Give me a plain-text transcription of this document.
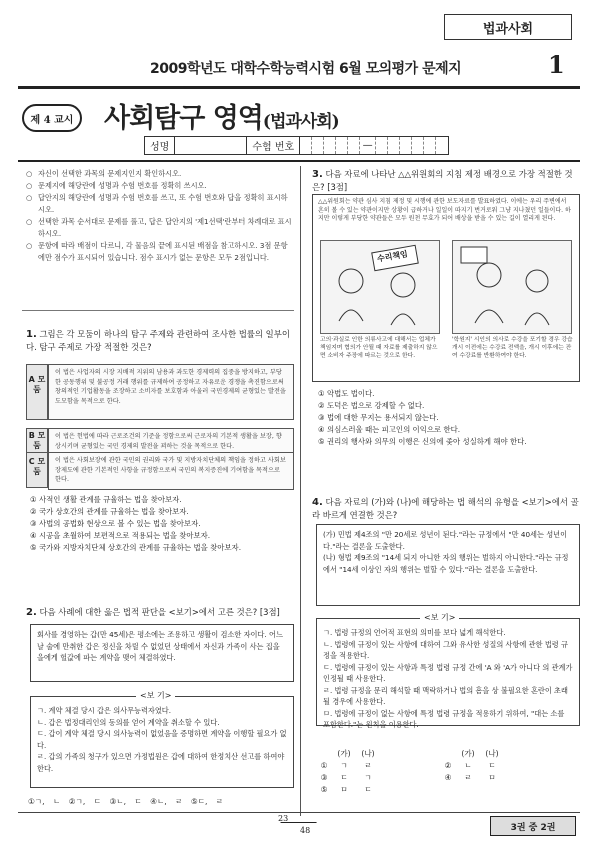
법과사회
2009학년도 대학수학능력시험 6월 모의평가 문제지	1
제 4 교시	사회탐구 영역(법과사회)
성명	수험 번호	—
○ 자신이 선택한 과목의 문제지인지 확인하시오.
○ 문제지에 해당란에 성명과 수험 번호를 정확히 쓰시오.
○ 답안지의 해당란에 성명과 수험 번호를 쓰고, 또 수험 번호와 답을 정확히 표시하시오.
○ 선택한 과목 순서대로 문제를 풀고, 답은 답안지의 '제1선택'란부터 차례대로 표시하시오.
○ 문항에 따라 배점이 다르니, 각 물음의 끝에 표시된 배점을 참고하시오. 3점 문항에만 점수가 표시되어 있습니다. 점수 표시가 없는 문항은 모두 2점입니다.
1. 그림은 각 모둠이 하나의 탐구 주제와 관련하여 조사한 법률의 일부이다. 탐구 주제로 가장 적절한 것은?
A 모둠
이 법은 사업자의 시장 지배적 지위의 남용과 과도한 경제력의 집중을 방지하고, 부당한 공동행위 및 불공정 거래 행위를 규제하여 공정하고 자유로운 경쟁을 촉진함으로써 창의적인 기업활동을 조장하고 소비자를 보호함과 아울러 국민경제의 균형있는 발전을 도모함을 목적으로 한다.
B 모둠
이 법은 헌법에 따라 근로조건의 기준을 정함으로써 근로자의 기본적 생활을 보장, 향상시키며 균형있는 국민 경제의 발전을 꾀하는 것을 목적으로 한다.
C 모둠
이 법은 사회보장에 관한 국민의 권리와 국가 및 지방자치단체의 책임을 정하고 사회보장제도에 관한 기본적인 사항을 규정함으로써 국민의 복지증진에 기여함을 목적으로 한다.
① 사적인 생활 관계를 규율하는 법을 찾아보자.
② 국가 상호간의 관계를 규율하는 법을 찾아보자.
③ 사법의 공법화 현상으로 볼 수 있는 법을 찾아보자.
④ 시공을 초월하여 보편적으로 적용되는 법을 찾아보자.
⑤ 국가와 지방자치단체 상호간의 관계를 규율하는 법을 찾아보자.
2. 다음 사례에 대한 옳은 법적 판단을 <보기>에서 고른 것은? [3점]
회사를 경영하는 갑(만 45세)은 평소에는 조용하고 생활이 검소한 자이다. 어느 날 술에 만취한 갑은 정신을 차릴 수 없었던 상태에서 자신과 가족이 사는 집을 을에게 헐값에 파는 계약을 맺어 체결하였다.
ㄱ. 계약 체결 당시 갑은 의사무능력자였다.
ㄴ. 갑은 법정대리인의 동의를 얻어 계약을 취소할 수 있다.
ㄷ. 갑이 계약 체결 당시 의사능력이 없었음을 증명하면 계약을 이행할 필요가 없다.
ㄹ. 갑의 가족의 청구가 있으면 가정법원은 갑에 대하여 한정치산 선고를 하여야 한다.
<보 기>
①ㄱ, ㄴ ②ㄱ, ㄷ ③ㄴ, ㄷ ④ㄴ, ㄹ ⑤ㄷ, ㄹ
3. 다음 자료에 나타난 △△위원회의 지침 제정 배경으로 가장 적절한 것은? [3점]
△△위원회는 약관 심사 지침 제정 및 시행에 관한 보도자료를 발표하였다. 이에는 우리 주변에서 흔히 볼 수 있는 약관이지만 상황이 급하거나 일일이 따지기 번거로워 그냥 지나쳤던 일들이다. 하지만 이렇게 부당한 약관들은 모두 원천 무효가 되어 배상을 받을 수 있는 길이 열리게 된다.
수리책임
고의·과실로 인한 의류사고에 대해서는 업체가 책임지며 협의가 안될 때 자료를 제출하지 않으면 소비자 주장에 따르는 것으로 한다.
'학원지' 시인의 의사로 수강을 포기할 경우 강습 개시 이전에는 수강료 전액을, 개시 이후에는 잔여 수강료를 반환하여야 한다.
① 악법도 법이다.
② 도덕은 법으로 강제할 수 없다.
③ 법에 대한 무지는 용서되지 않는다.
④ 의심스러울 때는 피고인의 이익으로 한다.
⑤ 권리의 행사와 의무의 이행은 신의에 좇아 성실하게 해야 한다.
4. 다음 자료의 (가)와 (나)에 해당하는 법 해석의 유형을 <보기>에서 골라 바르게 연결한 것은?
(가) 민법 제4조의 "만 20세로 성년이 된다."라는 규정에서 "만 40세는 성년이다."라는 결론을 도출한다.
(나) 형법 제9조의 "14세 되지 아니한 자의 행위는 벌하지 아니한다."라는 규정에서 "14세 이상인 자의 행위는 벌할 수 있다."라는 결론을 도출한다.
ㄱ. 법령 규정의 언어적 표현의 의미를 보다 넓게 해석한다.
ㄴ. 법령에 규정이 있는 사항에 대하여 그와 유사한 성질의 사항에 관한 법령 규정을 적용한다.
ㄷ. 법령에 규정이 있는 사항과 특정 법령 규정 간에 'A 와 'A가 아니다 의 관계가 인정될 때 사용한다.
ㄹ. 법령 규정을 문리 해석할 때 맥락하거나 법의 흠을 상 불필요한 혼란이 초래될 경우에 사용한다.
ㅁ. 법령에 규정이 없는 사항에 특정 법령 규정을 적용하기 위하여, "대는 소를 포함한다."는 원칙을 이용한다.
<보 기>
(가)	(나)	(가)	(나)
①	ㄱ	ㄹ	②	ㄴ	ㄷ
③	ㄷ	ㄱ	④	ㄹ	ㅁ
⑤	ㅁ	ㄷ
23
48	3권 중 2권
